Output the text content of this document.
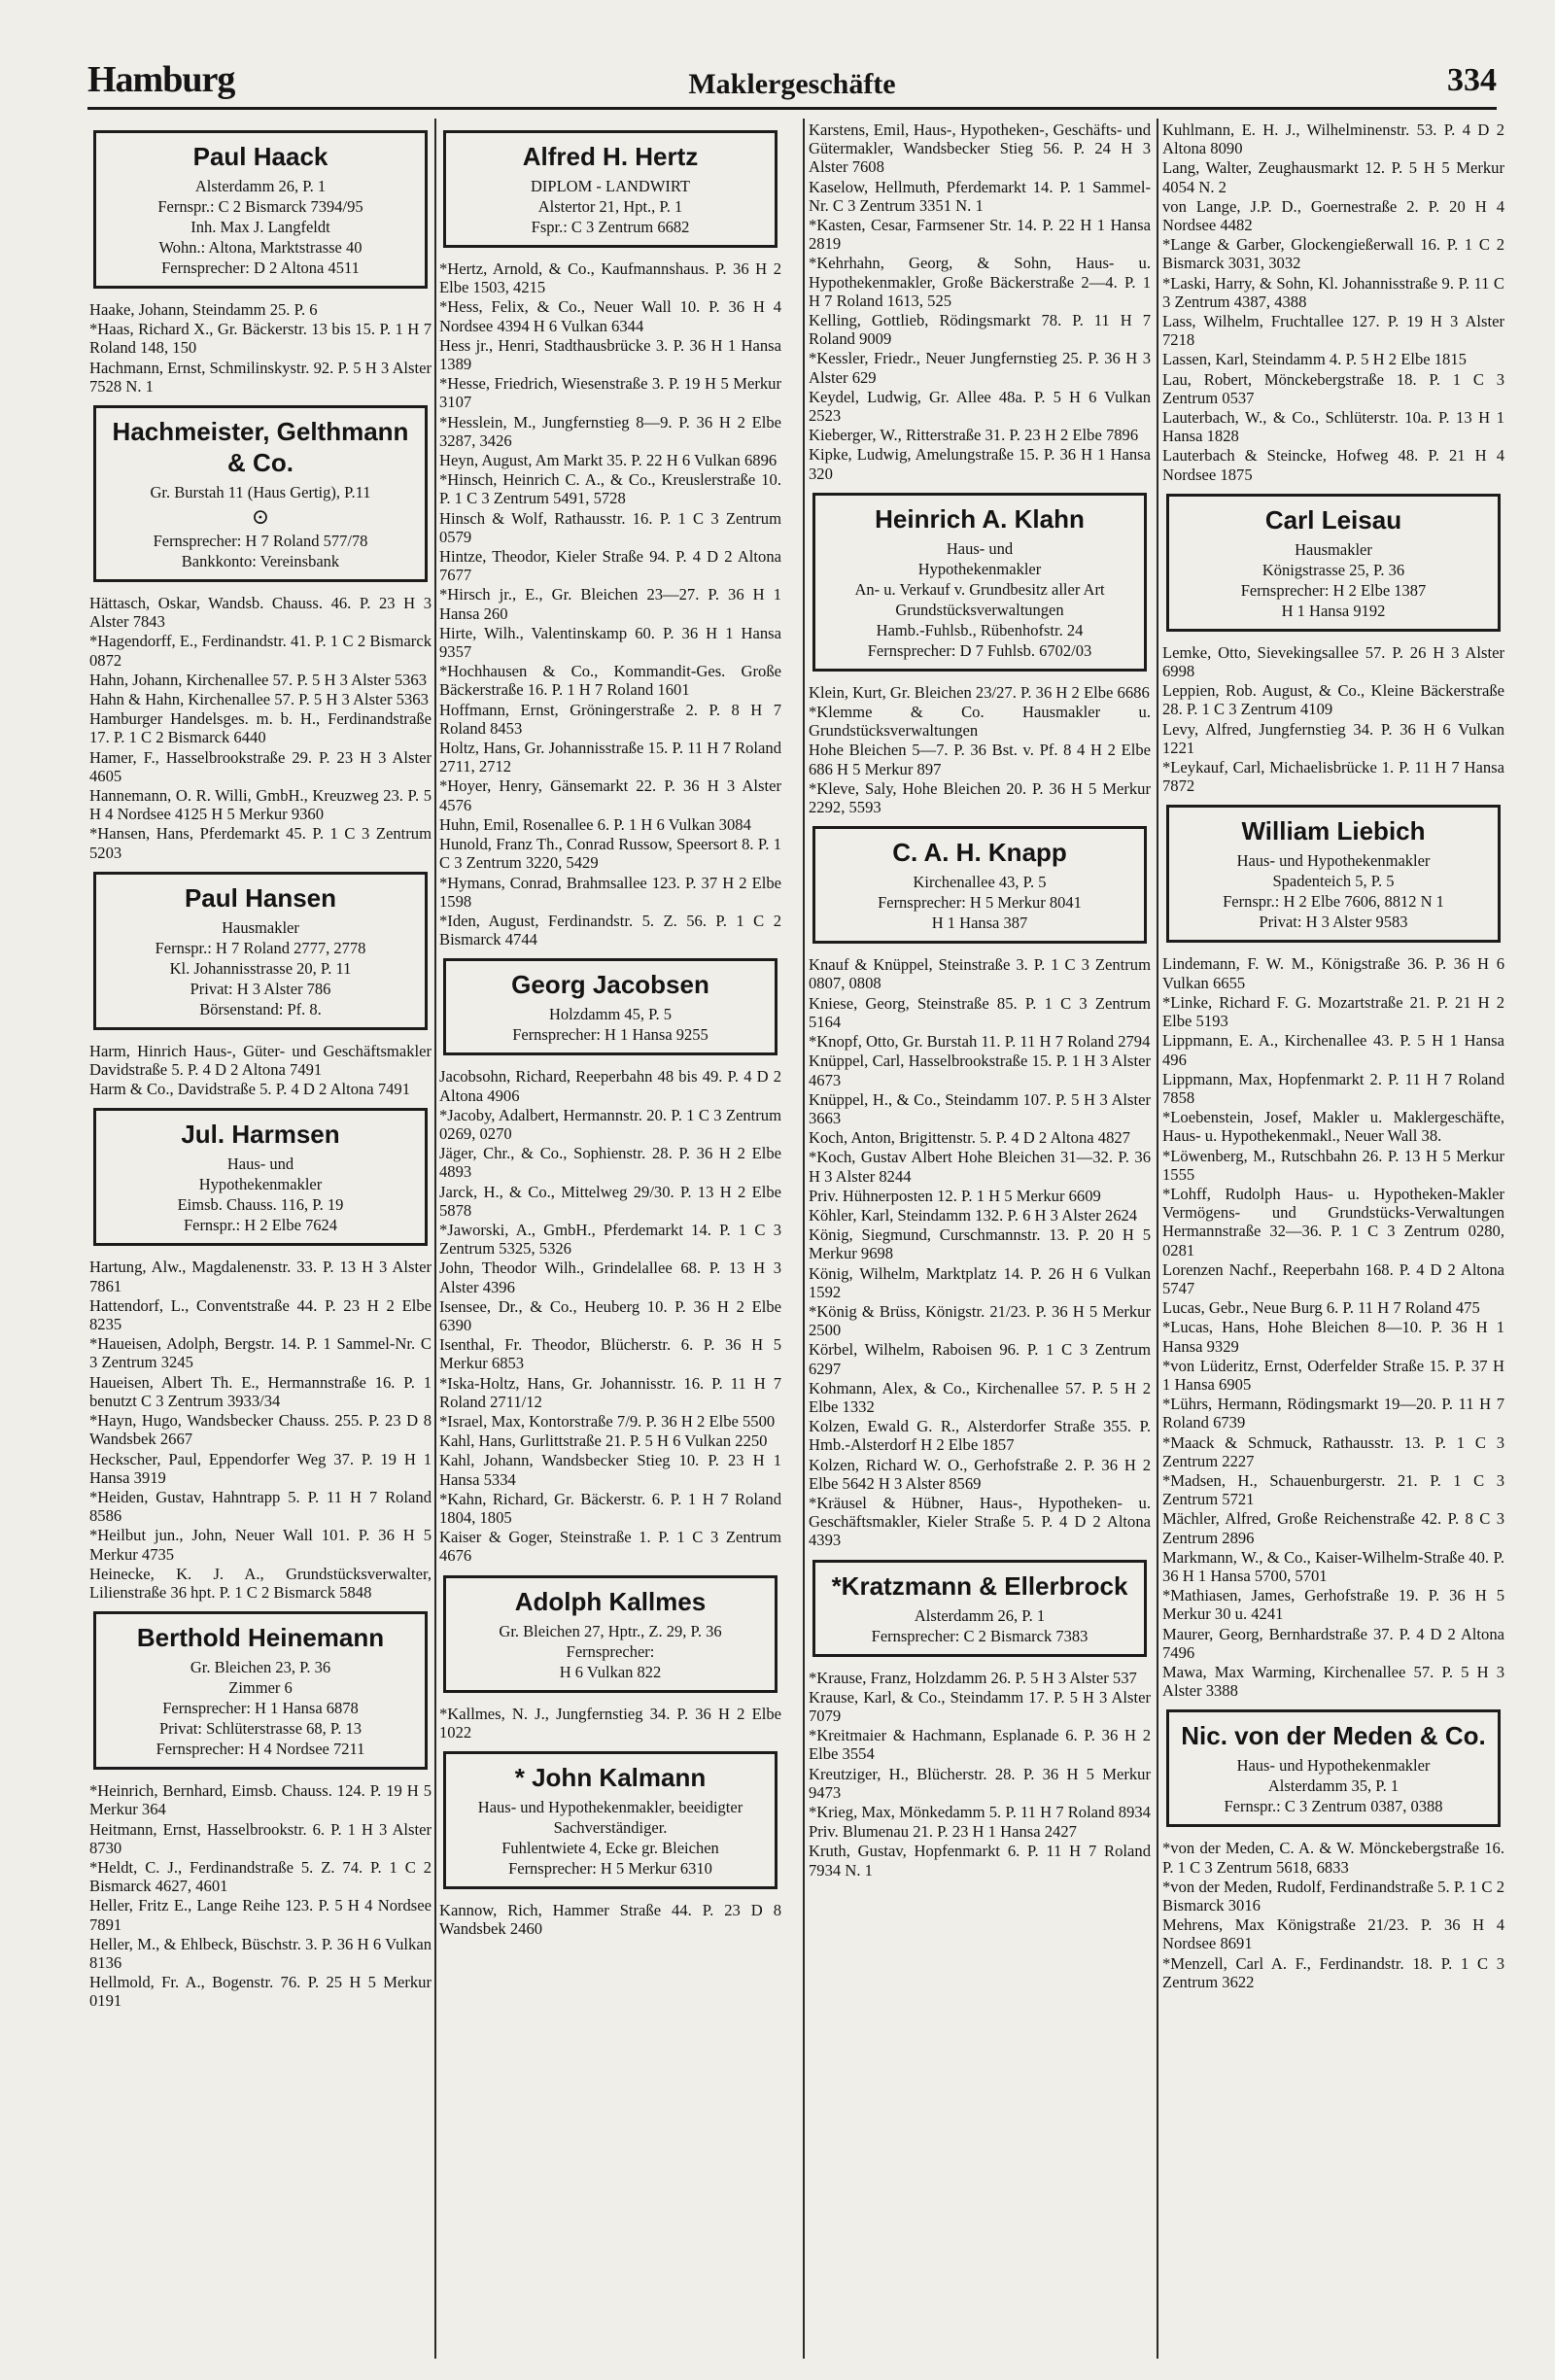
Hamburg	Maklergeschäfte	334
Paul Haack
Alsterdamm 26, P. 1
Fernspr.: C 2 Bismarck 7394/95
Inh. Max J. Langfeldt
Wohn.: Altona, Marktstrasse 40
Fernsprecher: D 2 Altona 4511
Haake, Johann, Steindamm 25. P. 6
*Haas, Richard X., Gr. Bäckerstr. 13 bis 15. P. 1 H 7 Roland 148, 150
Hachmann, Ernst, Schmilinskystr. 92. P. 5 H 3 Alster 7528 N. 1
Hachmeister, Gelthmann & Co.
Gr. Burstah 11 (Haus Gertig), P.11
⊙
Fernsprecher: H 7 Roland 577/78
Bankkonto: Vereinsbank
Hättasch, Oskar, Wandsb. Chauss. 46. P. 23 H 3 Alster 7843
*Hagendorff, E., Ferdinandstr. 41. P. 1 C 2 Bismarck 0872
Hahn, Johann, Kirchenallee 57. P. 5 H 3 Alster 5363
Hahn & Hahn, Kirchenallee 57. P. 5 H 3 Alster 5363
Hamburger Handelsges. m. b. H., Ferdinandstraße 17. P. 1 C 2 Bismarck 6440
Hamer, F., Hasselbrookstraße 29. P. 23 H 3 Alster 4605
Hannemann, O. R. Willi, GmbH., Kreuzweg 23. P. 5 H 4 Nordsee 4125 H 5 Merkur 9360
*Hansen, Hans, Pferdemarkt 45. P. 1 C 3 Zentrum 5203
Paul Hansen
Hausmakler
Fernspr.: H 7 Roland 2777, 2778
Kl. Johannisstrasse 20, P. 11
Privat: H 3 Alster 786
Börsenstand: Pf. 8.
Harm, Hinrich Haus-, Güter- und Geschäftsmakler Davidstraße 5. P. 4 D 2 Altona 7491
Harm & Co., Davidstraße 5. P. 4 D 2 Altona 7491
Jul. Harmsen
Haus- und
Hypothekenmakler
Eimsb. Chauss. 116, P. 19
Fernspr.: H 2 Elbe 7624
Hartung, Alw., Magdalenenstr. 33. P. 13 H 3 Alster 7861
Hattendorf, L., Conventstraße 44. P. 23 H 2 Elbe 8235
*Haueisen, Adolph, Bergstr. 14. P. 1 Sammel-Nr. C 3 Zentrum 3245
Haueisen, Albert Th. E., Hermannstraße 16. P. 1 benutzt C 3 Zentrum 3933/34
*Hayn, Hugo, Wandsbecker Chauss. 255. P. 23 D 8 Wandsbek 2667
Heckscher, Paul, Eppendorfer Weg 37. P. 19 H 1 Hansa 3919
*Heiden, Gustav, Hahntrapp 5. P. 11 H 7 Roland 8586
*Heilbut jun., John, Neuer Wall 101. P. 36 H 5 Merkur 4735
Heinecke, K. J. A., Grundstücksverwalter, Lilienstraße 36 hpt. P. 1 C 2 Bismarck 5848
Berthold Heinemann
Gr. Bleichen 23, P. 36
Zimmer 6
Fernsprecher: H 1 Hansa 6878
Privat: Schlüterstrasse 68, P. 13
Fernsprecher: H 4 Nordsee 7211
*Heinrich, Bernhard, Eimsb. Chauss. 124. P. 19 H 5 Merkur 364
Heitmann, Ernst, Hasselbrookstr. 6. P. 1 H 3 Alster 8730
*Heldt, C. J., Ferdinandstraße 5. Z. 74. P. 1 C 2 Bismarck 4627, 4601
Heller, Fritz E., Lange Reihe 123. P. 5 H 4 Nordsee 7891
Heller, M., & Ehlbeck, Büschstr. 3. P. 36 H 6 Vulkan 8136
Hellmold, Fr. A., Bogenstr. 76. P. 25 H 5 Merkur 0191
Alfred H. Hertz
DIPLOM - LANDWIRT
Alstertor 21, Hpt., P. 1
Fspr.: C 3 Zentrum 6682
*Hertz, Arnold, & Co., Kaufmannshaus. P. 36 H 2 Elbe 1503, 4215
*Hess, Felix, & Co., Neuer Wall 10. P. 36 H 4 Nordsee 4394 H 6 Vulkan 6344
Hess jr., Henri, Stadthausbrücke 3. P. 36 H 1 Hansa 1389
*Hesse, Friedrich, Wiesenstraße 3. P. 19 H 5 Merkur 3107
*Hesslein, M., Jungfernstieg 8—9. P. 36 H 2 Elbe 3287, 3426
Heyn, August, Am Markt 35. P. 22 H 6 Vulkan 6896
*Hinsch, Heinrich C. A., & Co., Kreuslerstraße 10. P. 1 C 3 Zentrum 5491, 5728
Hinsch & Wolf, Rathausstr. 16. P. 1 C 3 Zentrum 0579
Hintze, Theodor, Kieler Straße 94. P. 4 D 2 Altona 7677
*Hirsch jr., E., Gr. Bleichen 23—27. P. 36 H 1 Hansa 260
Hirte, Wilh., Valentinskamp 60. P. 36 H 1 Hansa 9357
*Hochhausen & Co., Kommandit-Ges. Große Bäckerstraße 16. P. 1 H 7 Roland 1601
Hoffmann, Ernst, Gröningerstraße 2. P. 8 H 7 Roland 8453
Holtz, Hans, Gr. Johannisstraße 15. P. 11 H 7 Roland 2711, 2712
*Hoyer, Henry, Gänsemarkt 22. P. 36 H 3 Alster 4576
Huhn, Emil, Rosenallee 6. P. 1 H 6 Vulkan 3084
Hunold, Franz Th., Conrad Russow, Speersort 8. P. 1 C 3 Zentrum 3220, 5429
*Hymans, Conrad, Brahmsallee 123. P. 37 H 2 Elbe 1598
*Iden, August, Ferdinandstr. 5. Z. 56. P. 1 C 2 Bismarck 4744
Georg Jacobsen
Holzdamm 45, P. 5
Fernsprecher: H 1 Hansa 9255
Jacobsohn, Richard, Reeperbahn 48 bis 49. P. 4 D 2 Altona 4906
*Jacoby, Adalbert, Hermannstr. 20. P. 1 C 3 Zentrum 0269, 0270
Jäger, Chr., & Co., Sophienstr. 28. P. 36 H 2 Elbe 4893
Jarck, H., & Co., Mittelweg 29/30. P. 13 H 2 Elbe 5878
*Jaworski, A., GmbH., Pferdemarkt 14. P. 1 C 3 Zentrum 5325, 5326
John, Theodor Wilh., Grindelallee 68. P. 13 H 3 Alster 4396
Isensee, Dr., & Co., Heuberg 10. P. 36 H 2 Elbe 6390
Isenthal, Fr. Theodor, Blücherstr. 6. P. 36 H 5 Merkur 6853
*Iska-Holtz, Hans, Gr. Johannisstr. 16. P. 11 H 7 Roland 2711/12
*Israel, Max, Kontorstraße 7/9. P. 36 H 2 Elbe 5500
Kahl, Hans, Gurlittstraße 21. P. 5 H 6 Vulkan 2250
Kahl, Johann, Wandsbecker Stieg 10. P. 23 H 1 Hansa 5334
*Kahn, Richard, Gr. Bäckerstr. 6. P. 1 H 7 Roland 1804, 1805
Kaiser & Goger, Steinstraße 1. P. 1 C 3 Zentrum 4676
Adolph Kallmes
Gr. Bleichen 27, Hptr., Z. 29, P. 36
Fernsprecher:
H 6 Vulkan 822
*Kallmes, N. J., Jungfernstieg 34. P. 36 H 2 Elbe 1022
* John Kalmann
Haus- und Hypothekenmakler, beeidigter Sachverständiger.
Fuhlentwiete 4, Ecke gr. Bleichen
Fernsprecher: H 5 Merkur 6310
Kannow, Rich, Hammer Straße 44. P. 23 D 8 Wandsbek 2460
Karstens, Emil, Haus-, Hypotheken-, Geschäfts- und Gütermakler, Wandsbecker Stieg 56. P. 24 H 3 Alster 7608
Kaselow, Hellmuth, Pferdemarkt 14. P. 1 Sammel-Nr. C 3 Zentrum 3351 N. 1
*Kasten, Cesar, Farmsener Str. 14. P. 22 H 1 Hansa 2819
*Kehrhahn, Georg, & Sohn, Haus- u. Hypothekenmakler, Große Bäckerstraße 2—4. P. 1 H 7 Roland 1613, 525
Kelling, Gottlieb, Rödingsmarkt 78. P. 11 H 7 Roland 9009
*Kessler, Friedr., Neuer Jungfernstieg 25. P. 36 H 3 Alster 629
Keydel, Ludwig, Gr. Allee 48a. P. 5 H 6 Vulkan 2523
Kieberger, W., Ritterstraße 31. P. 23 H 2 Elbe 7896
Kipke, Ludwig, Amelungstraße 15. P. 36 H 1 Hansa 320
Heinrich A. Klahn
Haus- und
Hypothekenmakler
An- u. Verkauf v. Grundbesitz aller Art
Grundstücksverwaltungen
Hamb.-Fuhlsb., Rübenhofstr. 24
Fernsprecher: D 7 Fuhlsb. 6702/03
Klein, Kurt, Gr. Bleichen 23/27. P. 36 H 2 Elbe 6686
*Klemme & Co. Hausmakler u. Grundstücksverwaltungen
Hohe Bleichen 5—7. P. 36 Bst. v. Pf. 8 4 H 2 Elbe 686 H 5 Merkur 897
*Kleve, Saly, Hohe Bleichen 20. P. 36 H 5 Merkur 2292, 5593
C. A. H. Knapp
Kirchenallee 43, P. 5
Fernsprecher: H 5 Merkur 8041
H 1 Hansa 387
Knauf & Knüppel, Steinstraße 3. P. 1 C 3 Zentrum 0807, 0808
Kniese, Georg, Steinstraße 85. P. 1 C 3 Zentrum 5164
*Knopf, Otto, Gr. Burstah 11. P. 11 H 7 Roland 2794
Knüppel, Carl, Hasselbrookstraße 15. P. 1 H 3 Alster 4673
Knüppel, H., & Co., Steindamm 107. P. 5 H 3 Alster 3663
Koch, Anton, Brigittenstr. 5. P. 4 D 2 Altona 4827
*Koch, Gustav Albert Hohe Bleichen 31—32. P. 36 H 3 Alster 8244
Priv. Hühnerposten 12. P. 1 H 5 Merkur 6609
Köhler, Karl, Steindamm 132. P. 6 H 3 Alster 2624
König, Siegmund, Curschmannstr. 13. P. 20 H 5 Merkur 9698
König, Wilhelm, Marktplatz 14. P. 26 H 6 Vulkan 1592
*König & Brüss, Königstr. 21/23. P. 36 H 5 Merkur 2500
Körbel, Wilhelm, Raboisen 96. P. 1 C 3 Zentrum 6297
Kohmann, Alex, & Co., Kirchenallee 57. P. 5 H 2 Elbe 1332
Kolzen, Ewald G. R., Alsterdorfer Straße 355. P. Hmb.-Alsterdorf H 2 Elbe 1857
Kolzen, Richard W. O., Gerhofstraße 2. P. 36 H 2 Elbe 5642 H 3 Alster 8569
*Kräusel & Hübner, Haus-, Hypotheken- u. Geschäftsmakler, Kieler Straße 5. P. 4 D 2 Altona 4393
*Kratzmann & Ellerbrock
Alsterdamm 26, P. 1
Fernsprecher: C 2 Bismarck 7383
*Krause, Franz, Holzdamm 26. P. 5 H 3 Alster 537
Krause, Karl, & Co., Steindamm 17. P. 5 H 3 Alster 7079
*Kreitmaier & Hachmann, Esplanade 6. P. 36 H 2 Elbe 3554
Kreutziger, H., Blücherstr. 28. P. 36 H 5 Merkur 9473
*Krieg, Max, Mönkedamm 5. P. 11 H 7 Roland 8934
Priv. Blumenau 21. P. 23 H 1 Hansa 2427
Kruth, Gustav, Hopfenmarkt 6. P. 11 H 7 Roland 7934 N. 1
Kuhlmann, E. H. J., Wilhelminenstr. 53. P. 4 D 2 Altona 8090
Lang, Walter, Zeughausmarkt 12. P. 5 H 5 Merkur 4054 N. 2
von Lange, J.P. D., Goernestraße 2. P. 20 H 4 Nordsee 4482
*Lange & Garber, Glockengießerwall 16. P. 1 C 2 Bismarck 3031, 3032
*Laski, Harry, & Sohn, Kl. Johannisstraße 9. P. 11 C 3 Zentrum 4387, 4388
Lass, Wilhelm, Fruchtallee 127. P. 19 H 3 Alster 7218
Lassen, Karl, Steindamm 4. P. 5 H 2 Elbe 1815
Lau, Robert, Mönckebergstraße 18. P. 1 C 3 Zentrum 0537
Lauterbach, W., & Co., Schlüterstr. 10a. P. 13 H 1 Hansa 1828
Lauterbach & Steincke, Hofweg 48. P. 21 H 4 Nordsee 1875
Carl Leisau
Hausmakler
Königstrasse 25, P. 36
Fernsprecher: H 2 Elbe 1387
H 1 Hansa 9192
Lemke, Otto, Sievekingsallee 57. P. 26 H 3 Alster 6998
Leppien, Rob. August, & Co., Kleine Bäckerstraße 28. P. 1 C 3 Zentrum 4109
Levy, Alfred, Jungfernstieg 34. P. 36 H 6 Vulkan 1221
*Leykauf, Carl, Michaelisbrücke 1. P. 11 H 7 Hansa 7872
William Liebich
Haus- und Hypothekenmakler
Spadenteich 5, P. 5
Fernspr.: H 2 Elbe 7606, 8812 N 1
Privat: H 3 Alster 9583
Lindemann, F. W. M., Königstraße 36. P. 36 H 6 Vulkan 6655
*Linke, Richard F. G. Mozartstraße 21. P. 21 H 2 Elbe 5193
Lippmann, E. A., Kirchenallee 43. P. 5 H 1 Hansa 496
Lippmann, Max, Hopfenmarkt 2. P. 11 H 7 Roland 7858
*Loebenstein, Josef, Makler u. Maklergeschäfte, Haus- u. Hypothekenmakl., Neuer Wall 38.
*Löwenberg, M., Rutschbahn 26. P. 13 H 5 Merkur 1555
*Lohff, Rudolph Haus- u. Hypotheken-Makler Vermögens- und Grundstücks-Verwaltungen Hermannstraße 32—36. P. 1 C 3 Zentrum 0280, 0281
Lorenzen Nachf., Reeperbahn 168. P. 4 D 2 Altona 5747
Lucas, Gebr., Neue Burg 6. P. 11 H 7 Roland 475
*Lucas, Hans, Hohe Bleichen 8—10. P. 36 H 1 Hansa 9329
*von Lüderitz, Ernst, Oderfelder Straße 15. P. 37 H 1 Hansa 6905
*Lührs, Hermann, Rödingsmarkt 19—20. P. 11 H 7 Roland 6739
*Maack & Schmuck, Rathausstr. 13. P. 1 C 3 Zentrum 2227
*Madsen, H., Schauenburgerstr. 21. P. 1 C 3 Zentrum 5721
Mächler, Alfred, Große Reichenstraße 42. P. 8 C 3 Zentrum 2896
Markmann, W., & Co., Kaiser-Wilhelm-Straße 40. P. 36 H 1 Hansa 5700, 5701
*Mathiasen, James, Gerhofstraße 19. P. 36 H 5 Merkur 30 u. 4241
Maurer, Georg, Bernhardstraße 37. P. 4 D 2 Altona 7496
Mawa, Max Warming, Kirchenallee 57. P. 5 H 3 Alster 3388
Nic. von der Meden & Co.
Haus- und Hypothekenmakler
Alsterdamm 35, P. 1
Fernspr.: C 3 Zentrum 0387, 0388
*von der Meden, C. A. & W. Mönckebergstraße 16. P. 1 C 3 Zentrum 5618, 6833
*von der Meden, Rudolf, Ferdinandstraße 5. P. 1 C 2 Bismarck 3016
Mehrens, Max Königstraße 21/23. P. 36 H 4 Nordsee 8691
*Menzell, Carl A. F., Ferdinandstr. 18. P. 1 C 3 Zentrum 3622
